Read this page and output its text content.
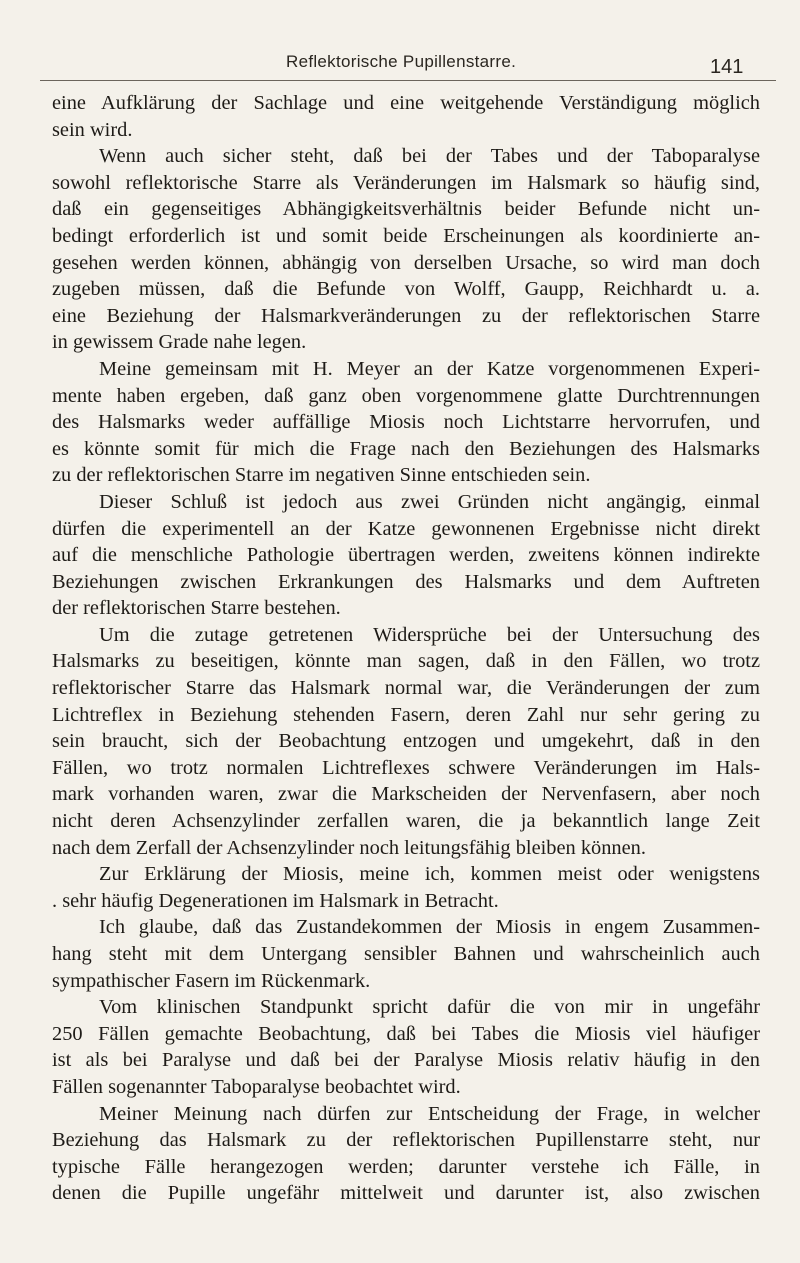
Reflektorische Pupillenstarre.	141
eine Aufklärung der Sachlage und eine weitgehende Verständigung möglich
sein wird.
Wenn auch sicher steht, daß bei der Tabes und der Taboparalyse
sowohl reflektorische Starre als Veränderungen im Halsmark so häufig sind,
daß ein gegenseitiges Abhängigkeitsverhältnis beider Befunde nicht un-
bedingt erforderlich ist und somit beide Erscheinungen als koordinierte an-
gesehen werden können, abhängig von derselben Ursache, so wird man doch
zugeben müssen, daß die Befunde von Wolff, Gaupp, Reichhardt u. a.
eine Beziehung der Halsmarkveränderungen zu der reflektorischen Starre
in gewissem Grade nahe legen.
Meine gemeinsam mit H. Meyer an der Katze vorgenommenen Experi-
mente haben ergeben, daß ganz oben vorgenommene glatte Durchtrennungen
des Halsmarks weder auffällige Miosis noch Lichtstarre hervorrufen, und
es könnte somit für mich die Frage nach den Beziehungen des Halsmarks
zu der reflektorischen Starre im negativen Sinne entschieden sein.
Dieser Schluß ist jedoch aus zwei Gründen nicht angängig, einmal
dürfen die experimentell an der Katze gewonnenen Ergebnisse nicht direkt
auf die menschliche Pathologie übertragen werden, zweitens können indirekte
Beziehungen zwischen Erkrankungen des Halsmarks und dem Auftreten
der reflektorischen Starre bestehen.
Um die zutage getretenen Widersprüche bei der Untersuchung des
Halsmarks zu beseitigen, könnte man sagen, daß in den Fällen, wo trotz
reflektorischer Starre das Halsmark normal war, die Veränderungen der zum
Lichtreflex in Beziehung stehenden Fasern, deren Zahl nur sehr gering zu
sein braucht, sich der Beobachtung entzogen und umgekehrt, daß in den
Fällen, wo trotz normalen Lichtreflexes schwere Veränderungen im Hals-
mark vorhanden waren, zwar die Markscheiden der Nervenfasern, aber noch
nicht deren Achsenzylinder zerfallen waren, die ja bekanntlich lange Zeit
nach dem Zerfall der Achsenzylinder noch leitungsfähig bleiben können.
Zur Erklärung der Miosis, meine ich, kommen meist oder wenigstens
. sehr häufig Degenerationen im Halsmark in Betracht.
Ich glaube, daß das Zustandekommen der Miosis in engem Zusammen-
hang steht mit dem Untergang sensibler Bahnen und wahrscheinlich auch
sympathischer Fasern im Rückenmark.
Vom klinischen Standpunkt spricht dafür die von mir in ungefähr
250 Fällen gemachte Beobachtung, daß bei Tabes die Miosis viel häufiger
ist als bei Paralyse und daß bei der Paralyse Miosis relativ häufig in den
Fällen sogenannter Taboparalyse beobachtet wird.
Meiner Meinung nach dürfen zur Entscheidung der Frage, in welcher
Beziehung das Halsmark zu der reflektorischen Pupillenstarre steht, nur
typische Fälle herangezogen werden; darunter verstehe ich Fälle, in
denen die Pupille ungefähr mittelweit und darunter ist, also zwischen
